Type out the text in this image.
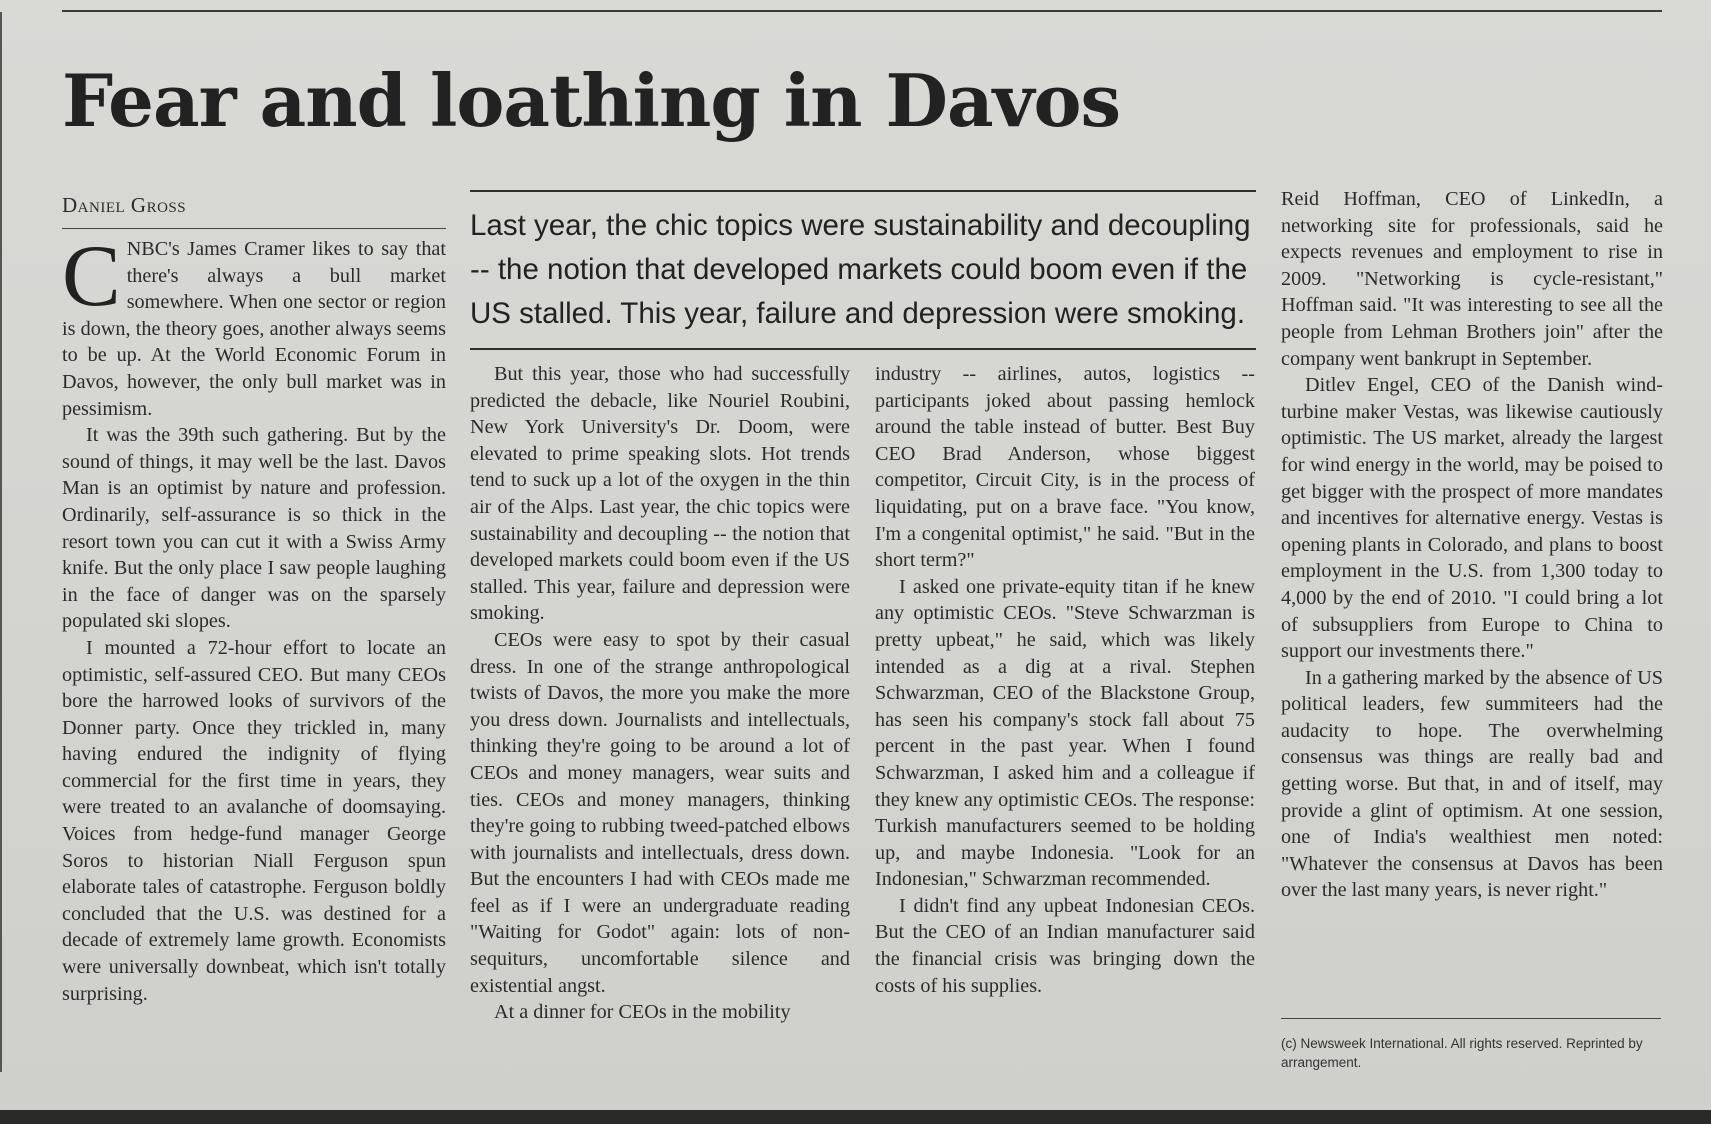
Fear and loathing in Davos
Daniel Gross
Last year, the chic topics were sustainability and decoupling -- the notion that developed markets could boom even if the US stalled. This year, failure and depression were smoking.

CNBC's James Cramer likes to say that there's always a bull market somewhere. When one sector or region is down, the theory goes, another always seems to be up. At the World Economic Forum in Davos, however, the only bull market was in pessimism.

It was the 39th such gathering. But by the sound of things, it may well be the last. Davos Man is an optimist by nature and profession. Ordinarily, self-assurance is so thick in the resort town you can cut it with a Swiss Army knife. But the only place I saw people laughing in the face of danger was on the sparsely populated ski slopes.

I mounted a 72-hour effort to locate an optimistic, self-assured CEO. But many CEOs bore the harrowed looks of survivors of the Donner party. Once they trickled in, many having endured the indignity of flying commercial for the first time in years, they were treated to an avalanche of doomsaying. Voices from hedge-fund manager George Soros to historian Niall Ferguson spun elaborate tales of catastrophe. Ferguson boldly concluded that the U.S. was destined for a decade of extremely lame growth. Economists were universally downbeat, which isn't totally surprising.

But this year, those who had successfully predicted the debacle, like Nouriel Roubini, New York University's Dr. Doom, were elevated to prime speaking slots. Hot trends tend to suck up a lot of the oxygen in the thin air of the Alps. Last year, the chic topics were sustainability and decoupling -- the notion that developed markets could boom even if the US stalled. This year, failure and depression were smoking.

CEOs were easy to spot by their casual dress. In one of the strange anthropological twists of Davos, the more you make the more you dress down. Journalists and intellectuals, thinking they're going to be around a lot of CEOs and money managers, wear suits and ties. CEOs and money managers, thinking they're going to rubbing tweed-patched elbows with journalists and intellectuals, dress down. But the encounters I had with CEOs made me feel as if I were an undergraduate reading "Waiting for Godot" again: lots of non-sequiturs, uncomfortable silence and existential angst.

At a dinner for CEOs in the mobility

industry -- airlines, autos, logistics -- participants joked about passing hemlock around the table instead of butter. Best Buy CEO Brad Anderson, whose biggest competitor, Circuit City, is in the process of liquidating, put on a brave face. "You know, I'm a congenital optimist," he said. "But in the short term?"

I asked one private-equity titan if he knew any optimistic CEOs. "Steve Schwarzman is pretty upbeat," he said, which was likely intended as a dig at a rival. Stephen Schwarzman, CEO of the Blackstone Group, has seen his company's stock fall about 75 percent in the past year. When I found Schwarzman, I asked him and a colleague if they knew any optimistic CEOs. The response: Turkish manufacturers seemed to be holding up, and maybe Indonesia. "Look for an Indonesian," Schwarzman recommended.

I didn't find any upbeat Indonesian CEOs. But the CEO of an Indian manufacturer said the financial crisis was bringing down the costs of his supplies.

Reid Hoffman, CEO of LinkedIn, a networking site for professionals, said he expects revenues and employment to rise in 2009. "Networking is cycle-resistant," Hoffman said. "It was interesting to see all the people from Lehman Brothers join" after the company went bankrupt in September.

Ditlev Engel, CEO of the Danish wind-turbine maker Vestas, was likewise cautiously optimistic. The US market, already the largest for wind energy in the world, may be poised to get bigger with the prospect of more mandates and incentives for alternative energy. Vestas is opening plants in Colorado, and plans to boost employment in the U.S. from 1,300 today to 4,000 by the end of 2010. "I could bring a lot of subsuppliers from Europe to China to support our investments there."

In a gathering marked by the absence of US political leaders, few summiteers had the audacity to hope. The overwhelming consensus was things are really bad and getting worse. But that, in and of itself, may provide a glint of optimism. At one session, one of India's wealthiest men noted: "Whatever the consensus at Davos has been over the last many years, is never right."

(c) Newsweek International. All rights reserved. Reprinted by arrangement.
